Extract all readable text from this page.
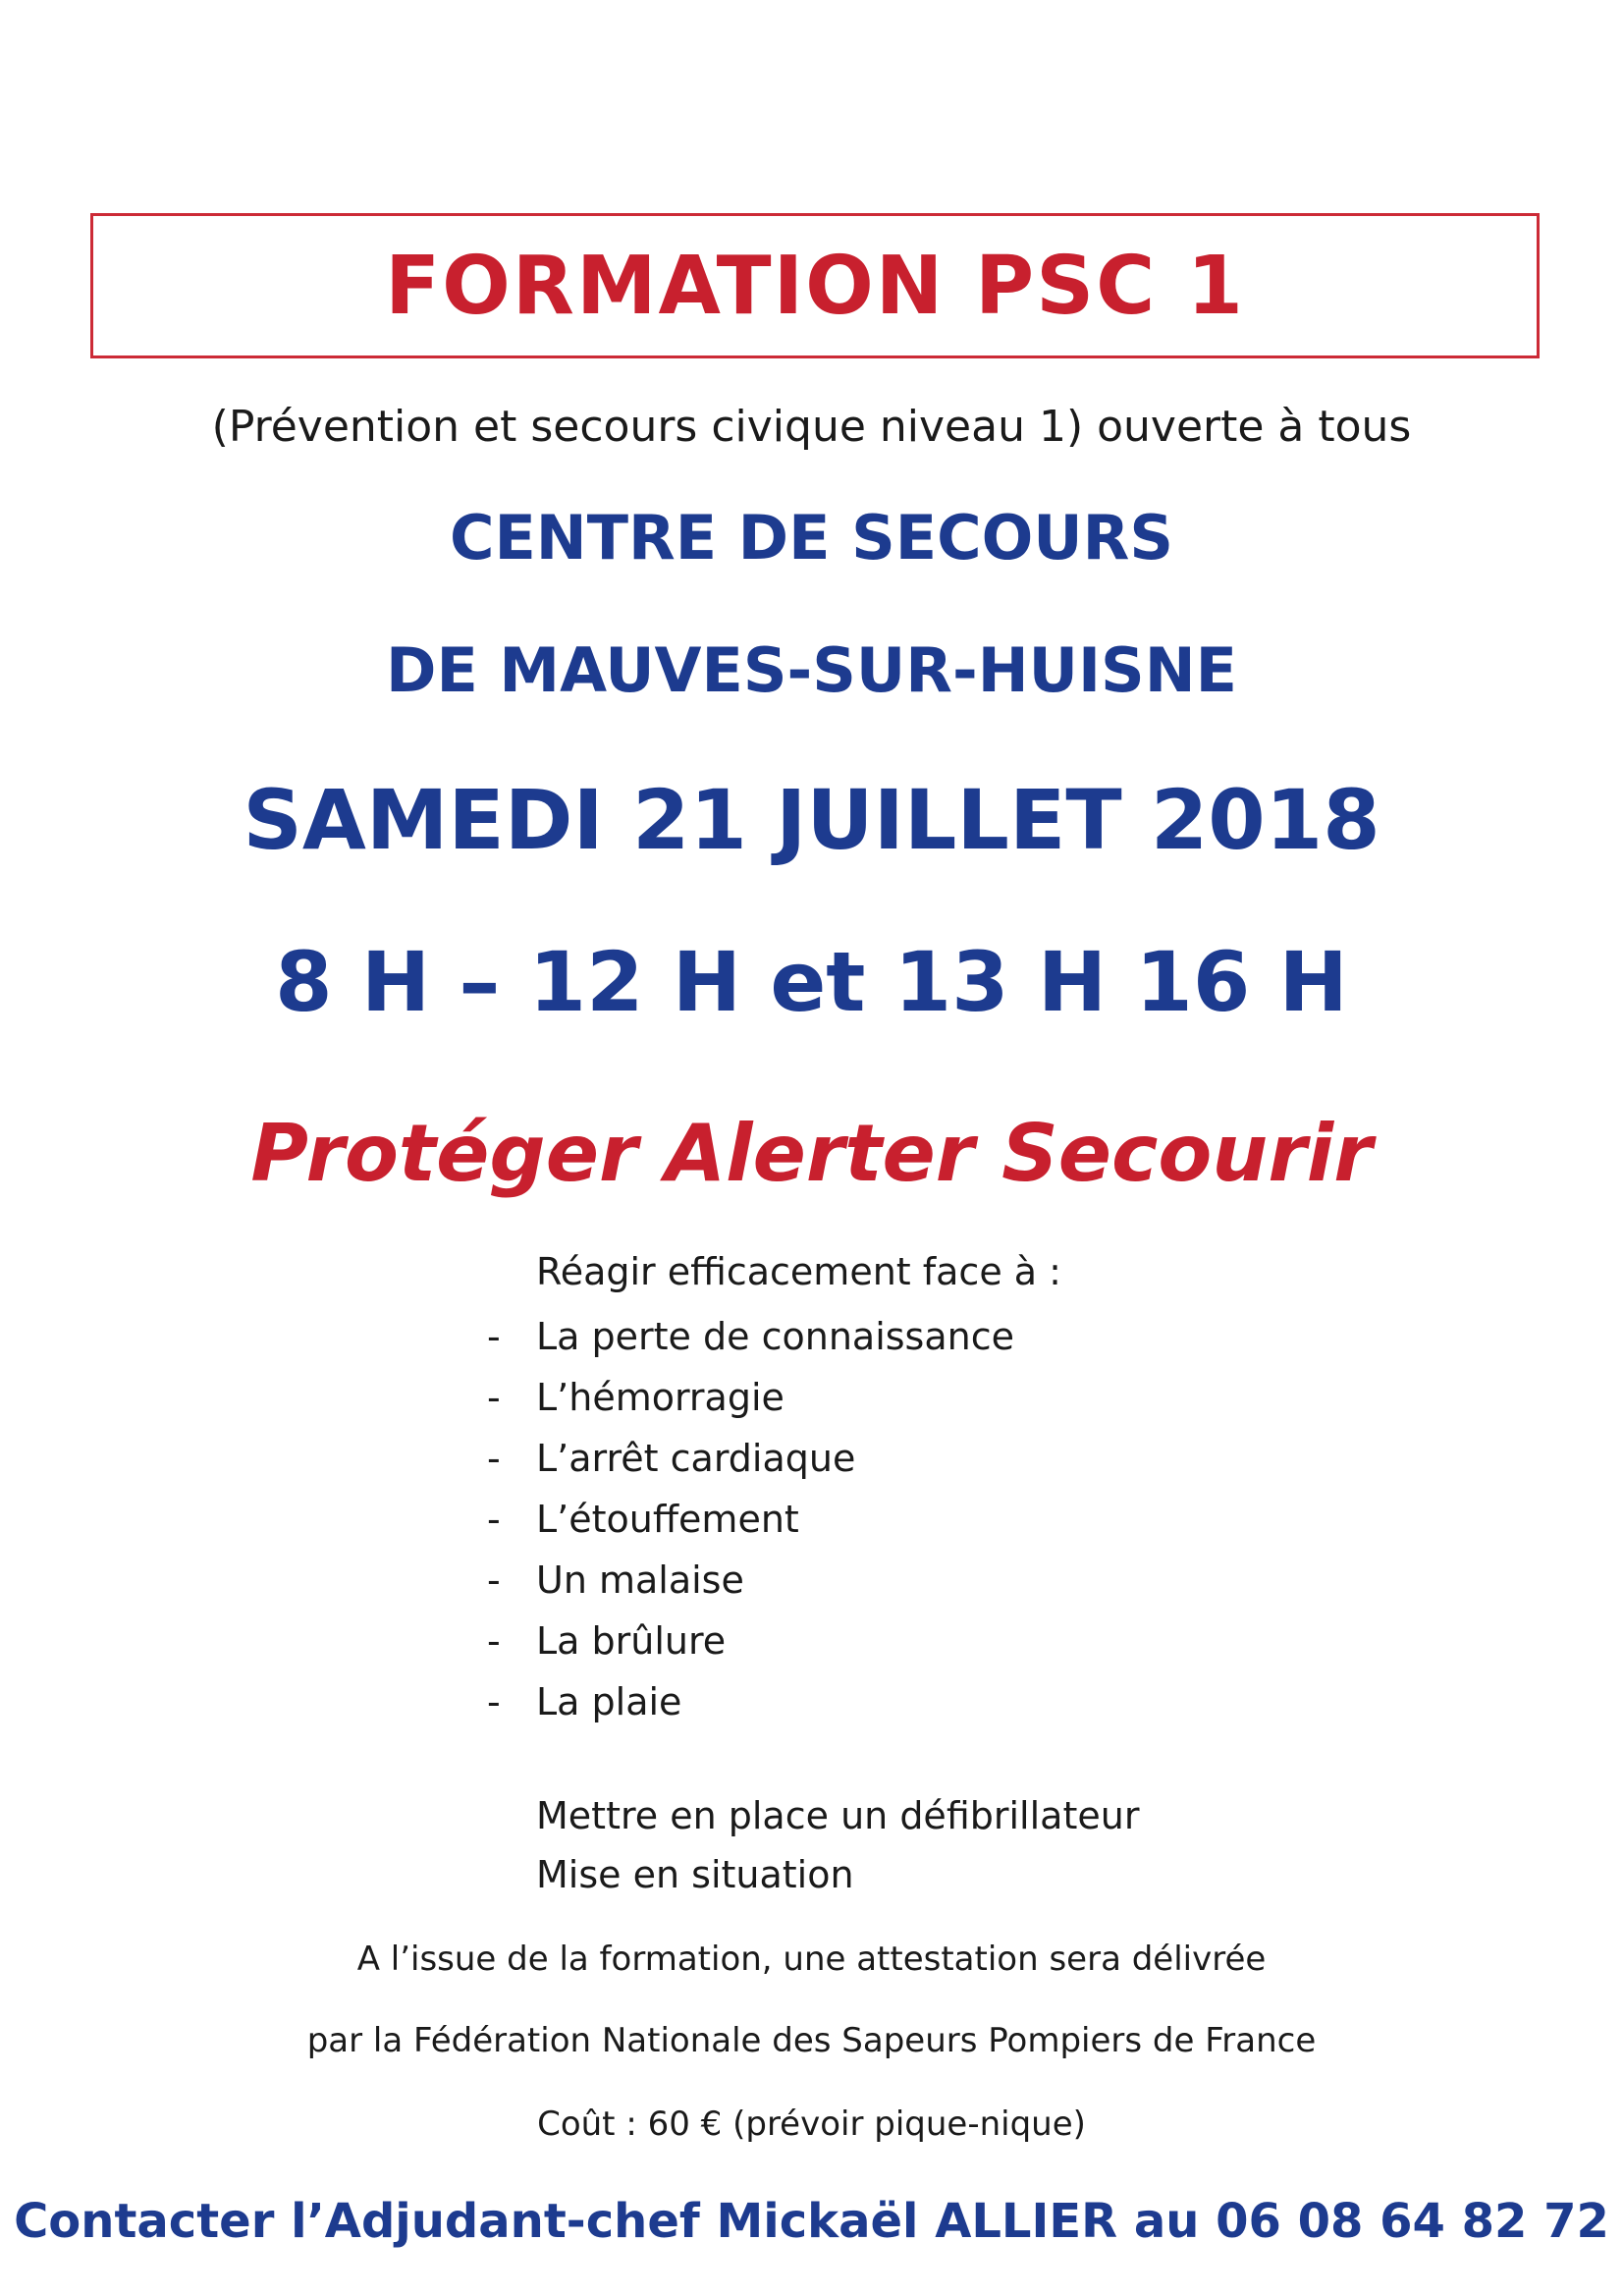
FORMATION PSC 1
(Prévention et secours civique niveau 1) ouverte à tous
CENTRE DE SECOURS
DE MAUVES-SUR-HUISNE
SAMEDI 21 JUILLET 2018
8 H – 12 H et 13 H 16 H
Protéger Alerter Secourir
Réagir efficacement face à :
- La perte de connaissance
- L’hémorragie
- L’arrêt cardiaque
- L’étouffement
- Un malaise
- La brûlure
- La plaie
Mettre en place un défibrillateur
Mise en situation
A l’issue de la formation, une attestation sera délivrée
par la Fédération Nationale des Sapeurs Pompiers de France
Coût : 60 € (prévoir pique-nique)
Contacter l’Adjudant-chef Mickaël ALLIER au 06 08 64 82 72
